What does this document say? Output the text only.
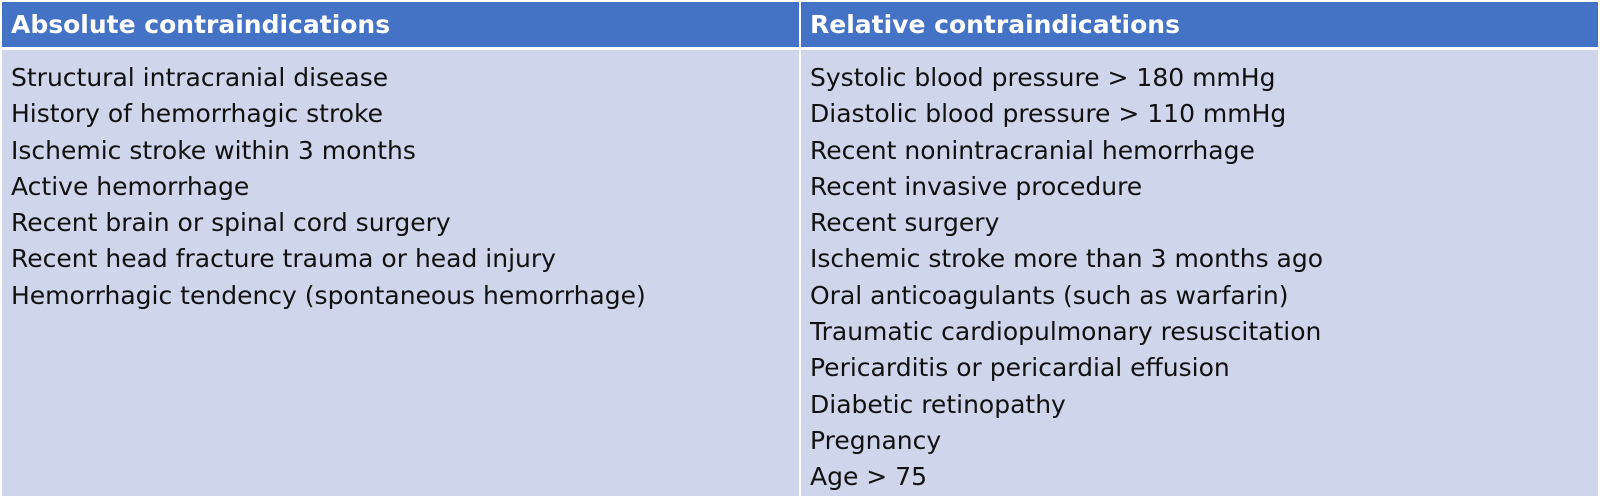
Absolute contraindications	Relative contraindications
Structural intracranial disease
History of hemorrhagic stroke
Ischemic stroke within 3 months
Active hemorrhage
Recent brain or spinal cord surgery
Recent head fracture trauma or head injury
Hemorrhagic tendency (spontaneous hemorrhage)
Systolic blood pressure > 180 mmHg
Diastolic blood pressure > 110 mmHg
Recent nonintracranial hemorrhage
Recent invasive procedure
Recent surgery
Ischemic stroke more than 3 months ago
Oral anticoagulants (such as warfarin)
Traumatic cardiopulmonary resuscitation
Pericarditis or pericardial effusion
Diabetic retinopathy
Pregnancy
Age > 75
